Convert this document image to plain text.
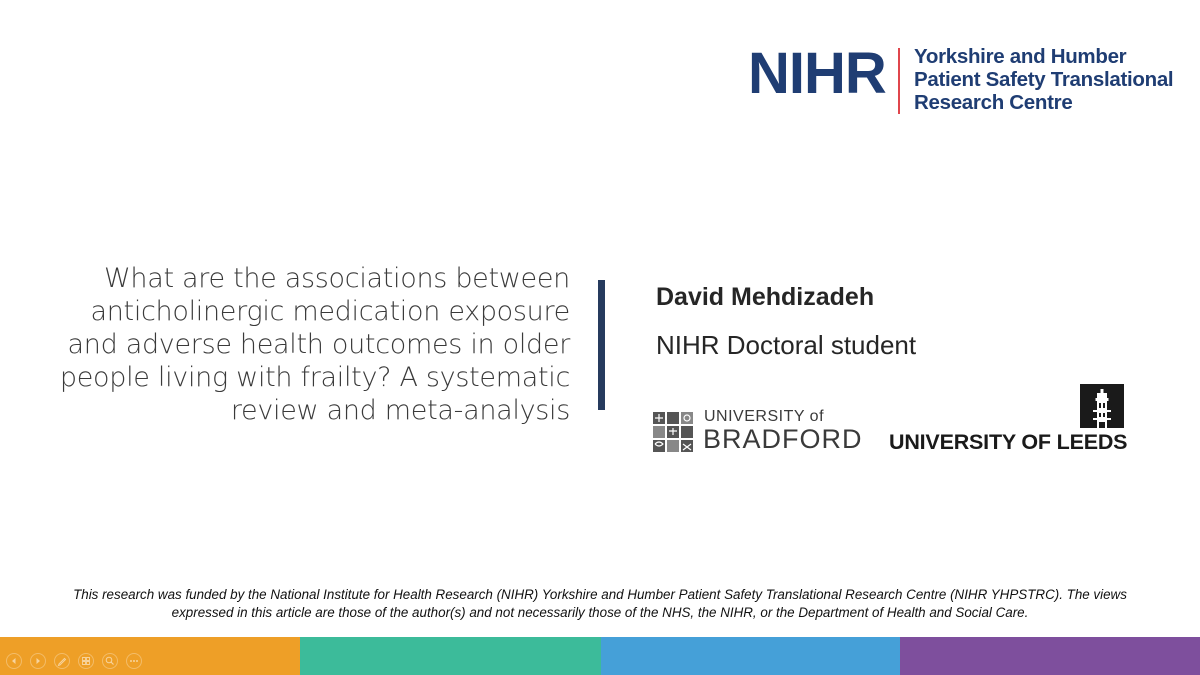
NIHR Yorkshire and Humber
Patient Safety Translational
Research Centre
What are the associations between
anticholinergic medication exposure
and adverse health outcomes in older
people living with frailty? A systematic
review and meta-analysis
David Mehdizadeh
NIHR Doctoral student
UNIVERSITY of
BRADFORD UNIVERSITY OF LEEDS
This research was funded by the National Institute for Health Research (NIHR) Yorkshire and Humber Patient Safety Translational Research Centre (NIHR YHPSTRC). The views
expressed in this article are those of the author(s) and not necessarily those of the NHS, the NIHR, or the Department of Health and Social Care.
